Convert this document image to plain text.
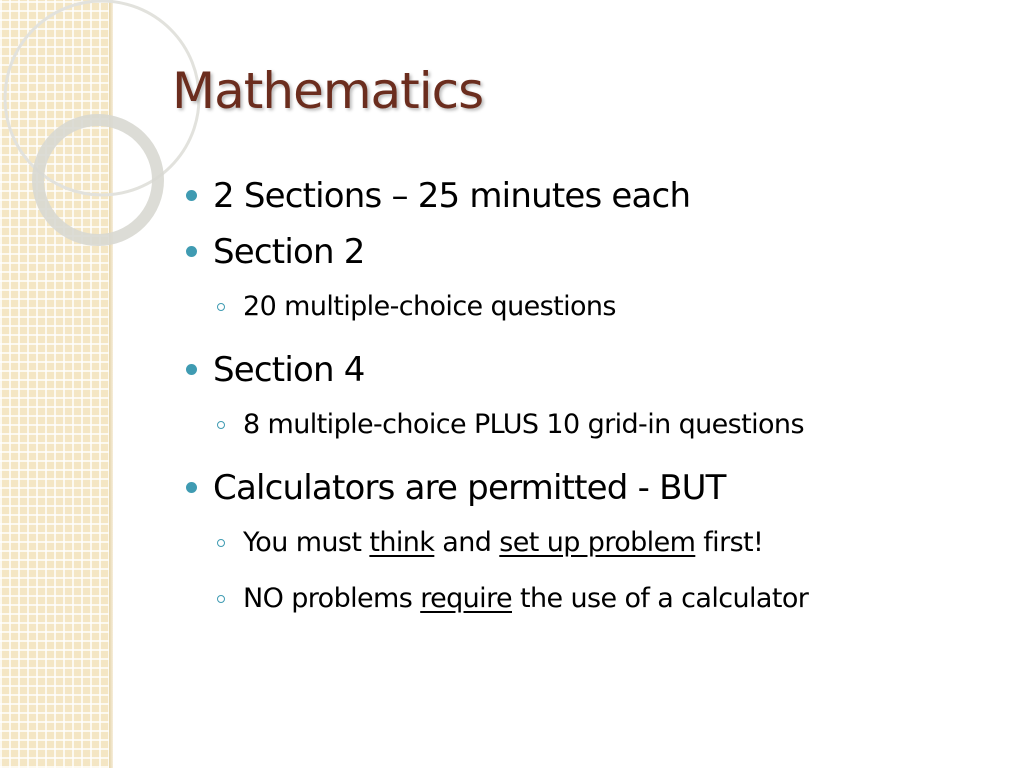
Mathematics
2 Sections – 25 minutes each
Section 2
20 multiple-choice questions
Section 4
8 multiple-choice PLUS 10 grid-in questions
Calculators are permitted - BUT
You must think and set up problem first!
NO problems require the use of a calculator
